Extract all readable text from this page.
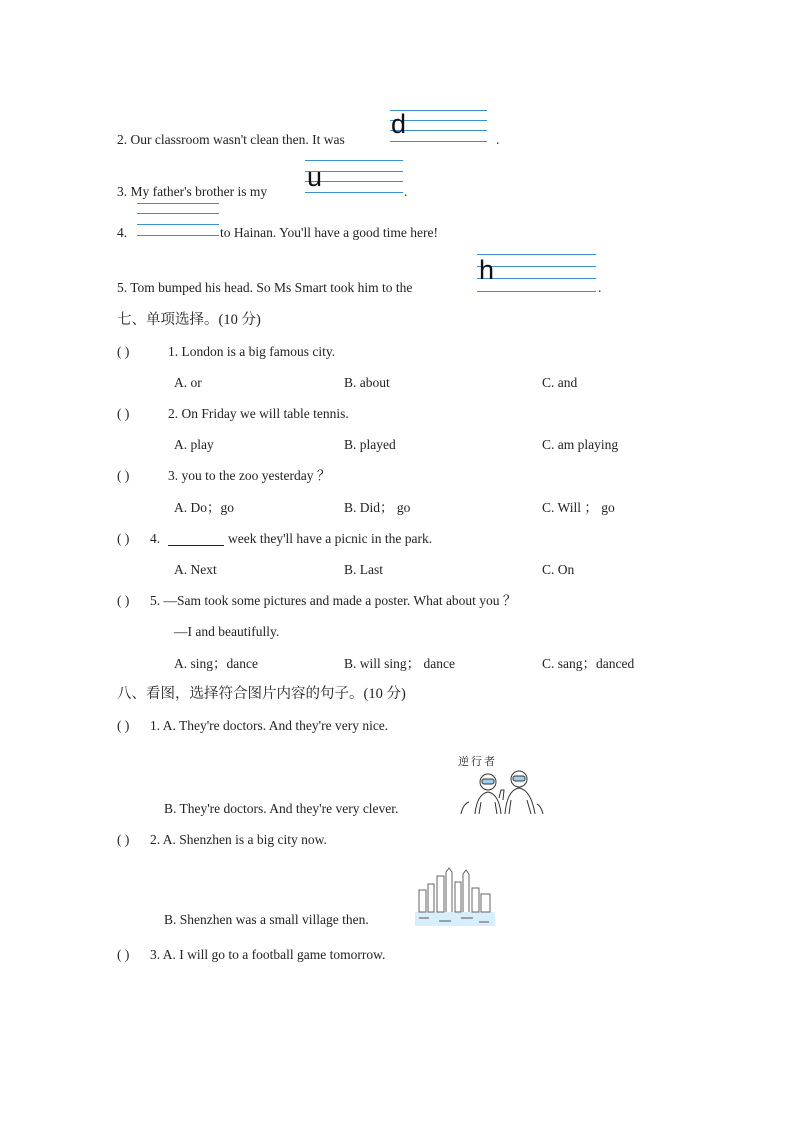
2. Our classroom wasn't clean then. It was
d
.
3. My father's brother is my u	.
4.	to Hainan. You'll have a good time here!
5. Tom bumped his head. So Ms Smart took him to the
h
.
七、单项选择。(10 分)
( )	1. London is a big famous city.
A. or	B. about	C. and
( )	2. On Friday we will table tennis.
A. play	B. played	C. am playing
( )	3. you to the zoo yesterday ？
A. Do；go	B. Did； go	C. Will ； go
( ) 4.	week they'll have a picnic in the park.
A. Next	B. Last	C. On
( ) 5. —Sam took some pictures and made a poster. What about you ？
—I and beautifully.
A. sing；dance	B. will sing； dance	C. sang；danced
八、看图，选择符合图片内容的句子。(10 分)
( ) 1. A. They're doctors. And they're very nice.
逆行者
B. They're doctors. And they're very clever.
( ) 2. A. Shenzhen is a big city now.
B. Shenzhen was a small village then.
( ) 3. A. I will go to a football game tomorrow.
